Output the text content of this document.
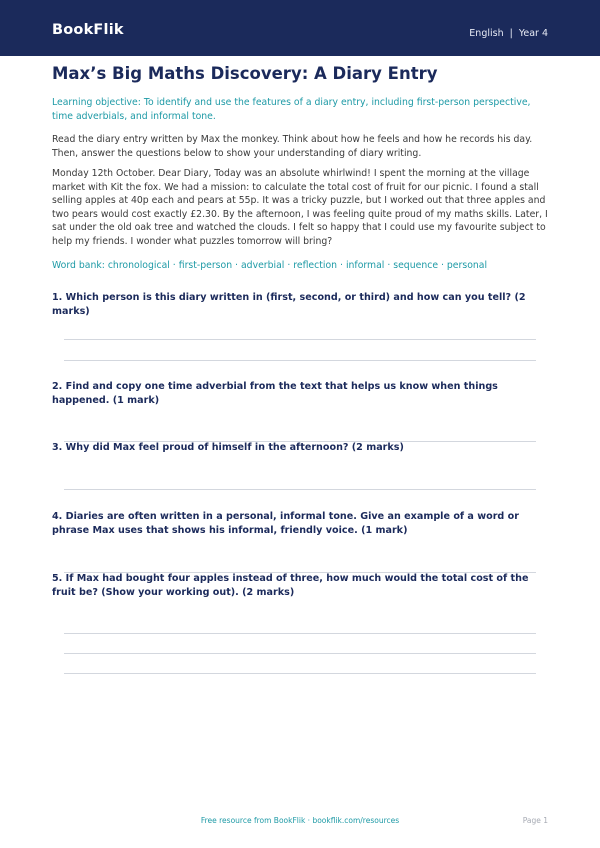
BookFlik	English | Year 4
Max’s Big Maths Discovery: A Diary Entry
Learning objective: To identify and use the features of a diary entry, including first-person perspective, time adverbials, and informal tone.
Read the diary entry written by Max the monkey. Think about how he feels and how he records his day. Then, answer the questions below to show your understanding of diary writing.
Monday 12th October. Dear Diary, Today was an absolute whirlwind! I spent the morning at the village market with Kit the fox. We had a mission: to calculate the total cost of fruit for our picnic. I found a stall selling apples at 40p each and pears at 55p. It was a tricky puzzle, but I worked out that three apples and two pears would cost exactly £2.30. By the afternoon, I was feeling quite proud of my maths skills. Later, I sat under the old oak tree and watched the clouds. I felt so happy that I could use my favourite subject to help my friends. I wonder what puzzles tomorrow will bring?
Word bank: chronological · first-person · adverbial · reflection · informal · sequence · personal
1. Which person is this diary written in (first, second, or third) and how can you tell? (2 marks)
2. Find and copy one time adverbial from the text that helps us know when things happened. (1 mark)
3. Why did Max feel proud of himself in the afternoon? (2 marks)
4. Diaries are often written in a personal, informal tone. Give an example of a word or phrase Max uses that shows his informal, friendly voice. (1 mark)
5. If Max had bought four apples instead of three, how much would the total cost of the fruit be? (Show your working out). (2 marks)
Free resource from BookFlik · bookflik.com/resources	Page 1
